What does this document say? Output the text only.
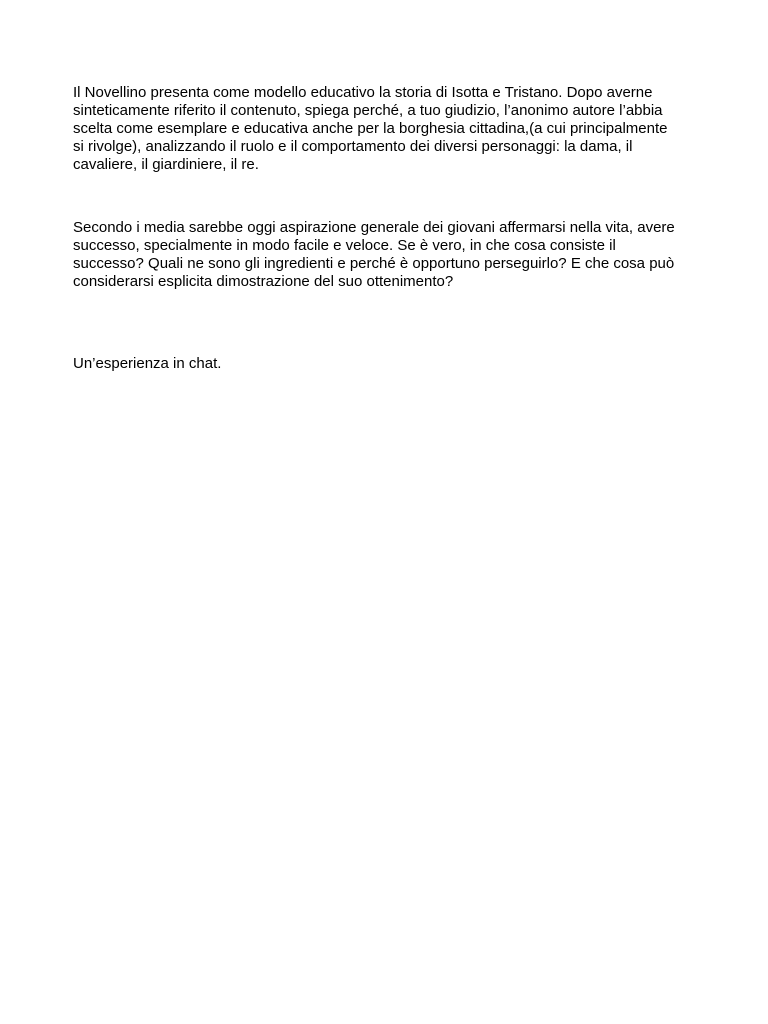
Il Novellino presenta come modello educativo la storia di Isotta e Tristano. Dopo averne
sinteticamente riferito il contenuto, spiega perché, a tuo giudizio, l’anonimo autore l’abbia
scelta come esemplare e educativa anche per la borghesia cittadina,(a cui principalmente
si rivolge), analizzando il ruolo e il comportamento dei diversi personaggi: la dama, il
cavaliere, il giardiniere, il re.

Secondo i media sarebbe oggi aspirazione generale dei giovani affermarsi nella vita, avere
successo, specialmente in modo facile e veloce. Se è vero, in che cosa consiste il
successo? Quali ne sono gli ingredienti e perché è opportuno perseguirlo? E che cosa può
considerarsi esplicita dimostrazione del suo ottenimento?

Un’esperienza in chat.
